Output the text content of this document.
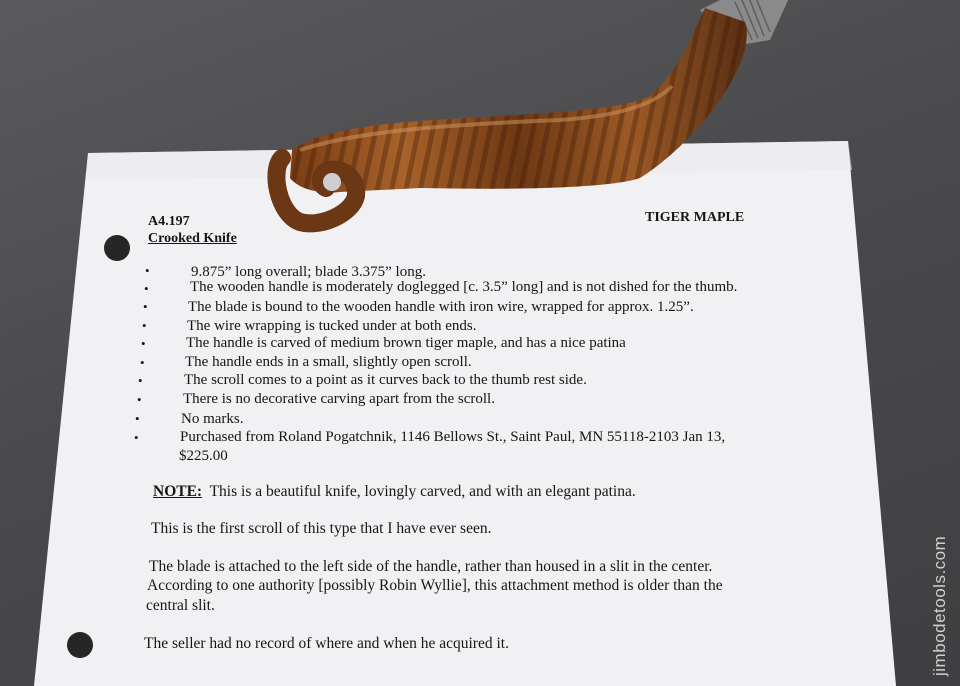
A4.197
Crooked Knife
TIGER MAPLE
•	9.875” long overall; blade 3.375” long.
•	The wooden handle is moderately doglegged [c. 3.5” long] and is not dished for the thumb.
•	The blade is bound to the wooden handle with iron wire, wrapped for approx. 1.25”.
•	The wire wrapping is tucked under at both ends.
•	The handle is carved of medium brown tiger maple, and has a nice patina
•	The handle ends in a small, slightly open scroll.
•	The scroll comes to a point as it curves back to the thumb rest side.
•	There is no decorative carving apart from the scroll.
•	No marks.
•	Purchased from Roland Pogatchnik, 1146 Bellows St., Saint Paul, MN 55118-2103 Jan 13,
$225.00
NOTE: This is a beautiful knife, lovingly carved, and with an elegant patina.
This is the first scroll of this type that I have ever seen.
The blade is attached to the left side of the handle, rather than housed in a slit in the center.
According to one authority [possibly Robin Wyllie], this attachment method is older than the
central slit.
The seller had no record of where and when he acquired it.	jimbodetools.com
